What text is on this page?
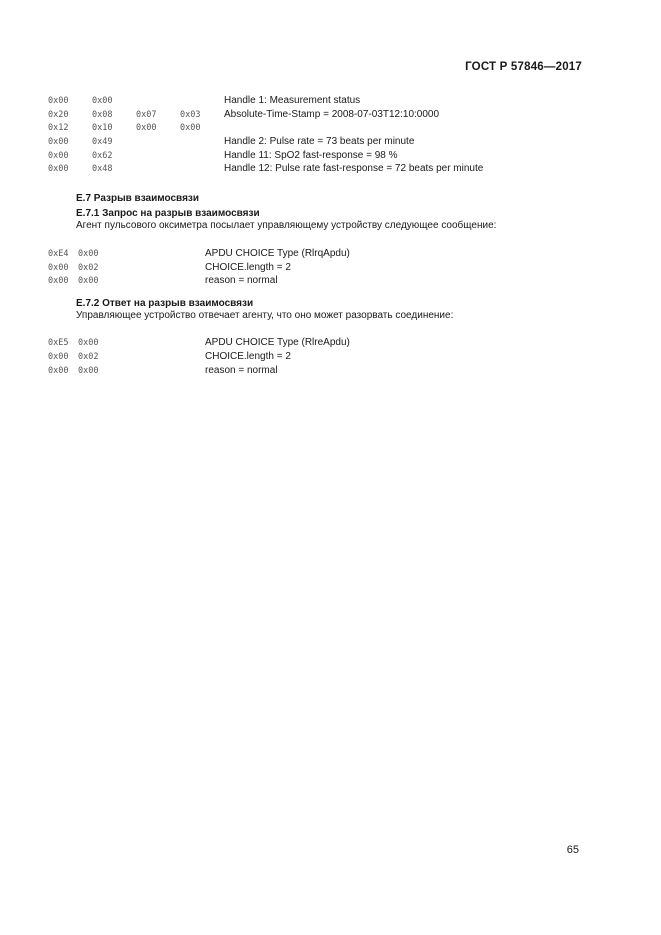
ГОСТ Р 57846—2017
0x00	0x00	Handle 1: Measurement status
0x20	0x08	0x07	0x03 Absolute-Time-Stamp = 2008-07-03T12:10:0000
0x12	0x10	0x00	0x00
0x00	0x49	Handle 2: Pulse rate = 73 beats per minute
0x00	0x62	Handle 11: SpO2 fast-response = 98 %
0x00	0x48	Handle 12: Pulse rate fast-response = 72 beats per minute
Е.7 Разрыв взаимосвязи
Е.7.1 Запрос на разрыв взаимосвязи
Агент пульсового оксиметра посылает управляющему устройству следующее сообщение:
0xE4 0x00	APDU CHOICE Type (RlrqApdu)
0x00 0x02	CHOICE.length = 2
0x00 0x00	reason = normal
Е.7.2 Ответ на разрыв взаимосвязи
Управляющее устройство отвечает агенту, что оно может разорвать соединение:
0xE5 0x00	APDU CHOICE Type (RlreApdu)
0x00 0x02	CHOICE.length = 2
0x00 0x00	reason = normal
65
